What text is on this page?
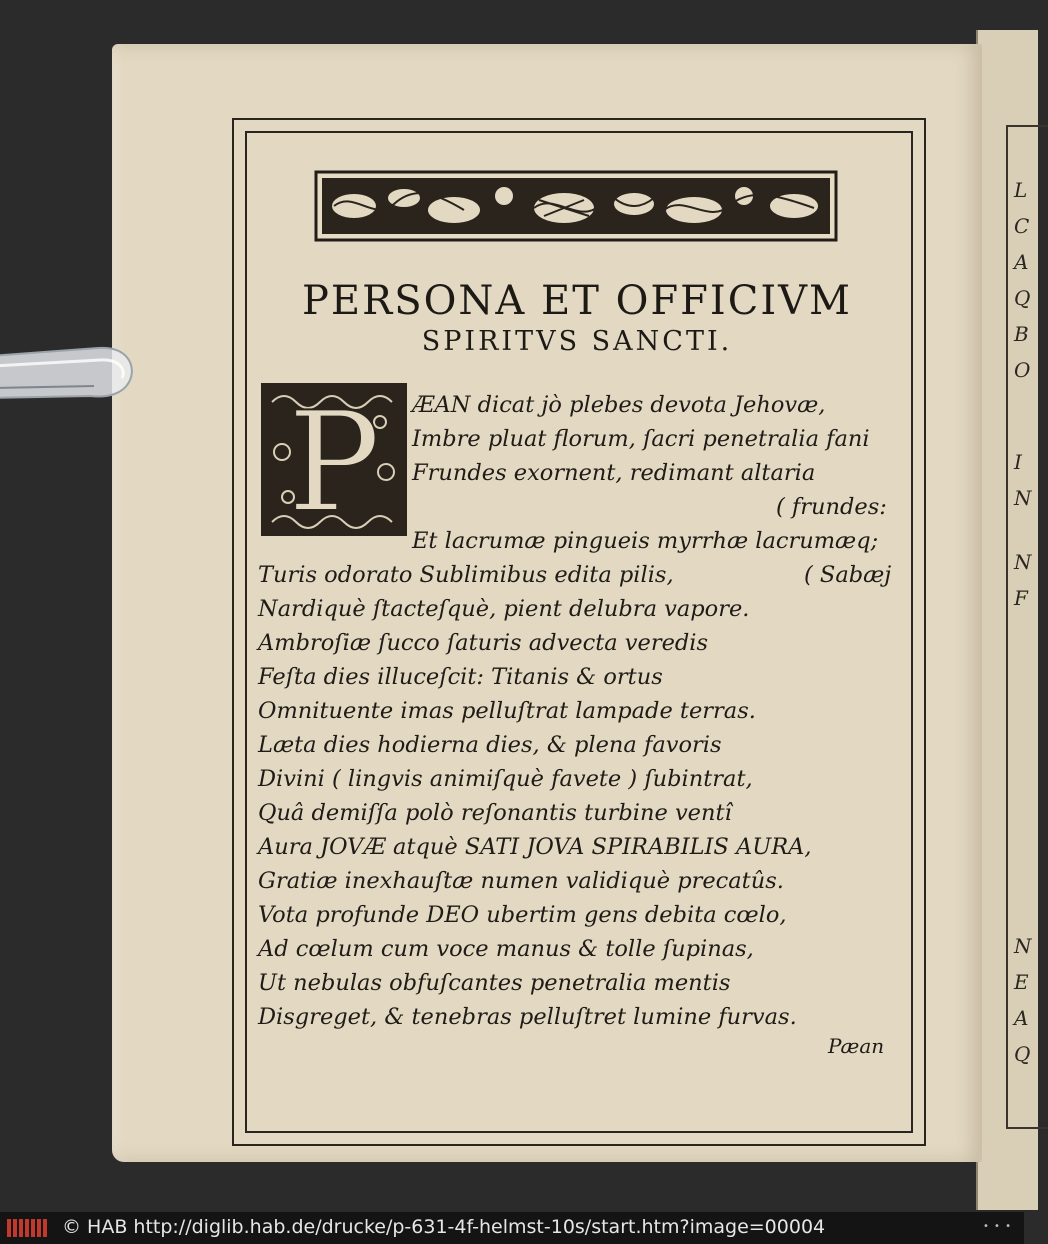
L
C
A
Q
B
O
I
N
N
F
N
E
A
Q
PERSONA ET OFFICIVM
SPIRITVS SANCTI.
P ÆAN dicat jò plebes devota Jehovæ,
Imbre pluat florum, ſacri penetralia fani
Frundes exornent, redimant altaria
( frundes:
Et lacrumæ pingueis myrrhæ lacrumæq;
Turis odorato Sublimibus edita pilis,	( Sabæj
Nardiquè ſtacteſquè, pient delubra vapore.
Ambroſiæ ſucco ſaturis advecta veredis
Feſta dies illuceſcit: Titanis & ortus
Omnituente imas pelluſtrat lampade terras.
Læta dies hodierna dies, & plena favoris
Divini ( lingvis animiſquè favete ) ſubintrat,
Quâ demiſſa polò reſonantis turbine ventî
Aura JOVÆ atquè SATI JOVA SPIRABILIS AURA,
Gratiæ inexhauſtæ numen validiquè precatûs.
Vota profunde DEO ubertim gens debita cœlo,
Ad cœlum cum voce manus & tolle ſupinas,
Ut nebulas obfuſcantes penetralia mentis
Disgreget, & tenebras pelluſtret lumine furvas.
Pæan
© HAB http://diglib.hab.de/drucke/p-631-4f-helmst-10s/start.htm?image=00004	• • •
